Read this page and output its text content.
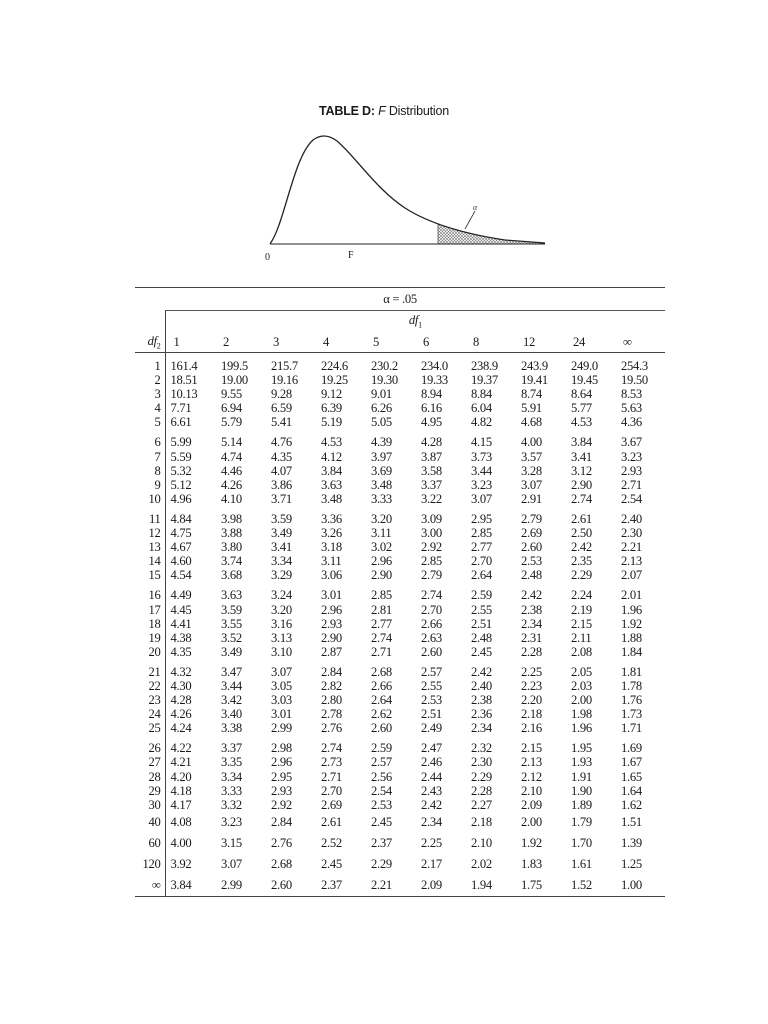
TABLE D: F Distribution
α
0	F
α = .05										
	$df_1$
$df_2$	1	2	3	4	5	6	8	12	24	∞
1	161.4	199.5	215.7	224.6	230.2	234.0	238.9	243.9	249.0	254.3
2	18.51	19.00	19.16	19.25	19.30	19.33	19.37	19.41	19.45	19.50
3	10.13	9.55	9.28	9.12	9.01	8.94	8.84	8.74	8.64	8.53
4	7.71	6.94	6.59	6.39	6.26	6.16	6.04	5.91	5.77	5.63
5	6.61	5.79	5.41	5.19	5.05	4.95	4.82	4.68	4.53	4.36
6	5.99	5.14	4.76	4.53	4.39	4.28	4.15	4.00	3.84	3.67
7	5.59	4.74	4.35	4.12	3.97	3.87	3.73	3.57	3.41	3.23
8	5.32	4.46	4.07	3.84	3.69	3.58	3.44	3.28	3.12	2.93
9	5.12	4.26	3.86	3.63	3.48	3.37	3.23	3.07	2.90	2.71
10	4.96	4.10	3.71	3.48	3.33	3.22	3.07	2.91	2.74	2.54
11	4.84	3.98	3.59	3.36	3.20	3.09	2.95	2.79	2.61	2.40
12	4.75	3.88	3.49	3.26	3.11	3.00	2.85	2.69	2.50	2.30
13	4.67	3.80	3.41	3.18	3.02	2.92	2.77	2.60	2.42	2.21
14	4.60	3.74	3.34	3.11	2.96	2.85	2.70	2.53	2.35	2.13
15	4.54	3.68	3.29	3.06	2.90	2.79	2.64	2.48	2.29	2.07
16	4.49	3.63	3.24	3.01	2.85	2.74	2.59	2.42	2.24	2.01
17	4.45	3.59	3.20	2.96	2.81	2.70	2.55	2.38	2.19	1.96
18	4.41	3.55	3.16	2.93	2.77	2.66	2.51	2.34	2.15	1.92
19	4.38	3.52	3.13	2.90	2.74	2.63	2.48	2.31	2.11	1.88
20	4.35	3.49	3.10	2.87	2.71	2.60	2.45	2.28	2.08	1.84
21	4.32	3.47	3.07	2.84	2.68	2.57	2.42	2.25	2.05	1.81
22	4.30	3.44	3.05	2.82	2.66	2.55	2.40	2.23	2.03	1.78
23	4.28	3.42	3.03	2.80	2.64	2.53	2.38	2.20	2.00	1.76
24	4.26	3.40	3.01	2.78	2.62	2.51	2.36	2.18	1.98	1.73
25	4.24	3.38	2.99	2.76	2.60	2.49	2.34	2.16	1.96	1.71
26	4.22	3.37	2.98	2.74	2.59	2.47	2.32	2.15	1.95	1.69
27	4.21	3.35	2.96	2.73	2.57	2.46	2.30	2.13	1.93	1.67
28	4.20	3.34	2.95	2.71	2.56	2.44	2.29	2.12	1.91	1.65
29	4.18	3.33	2.93	2.70	2.54	2.43	2.28	2.10	1.90	1.64
30	4.17	3.32	2.92	2.69	2.53	2.42	2.27	2.09	1.89	1.62
40	4.08	3.23	2.84	2.61	2.45	2.34	2.18	2.00	1.79	1.51
60	4.00	3.15	2.76	2.52	2.37	2.25	2.10	1.92	1.70	1.39
120	3.92	3.07	2.68	2.45	2.29	2.17	2.02	1.83	1.61	1.25
∞	3.84	2.99	2.60	2.37	2.21	2.09	1.94	1.75	1.52	1.00
